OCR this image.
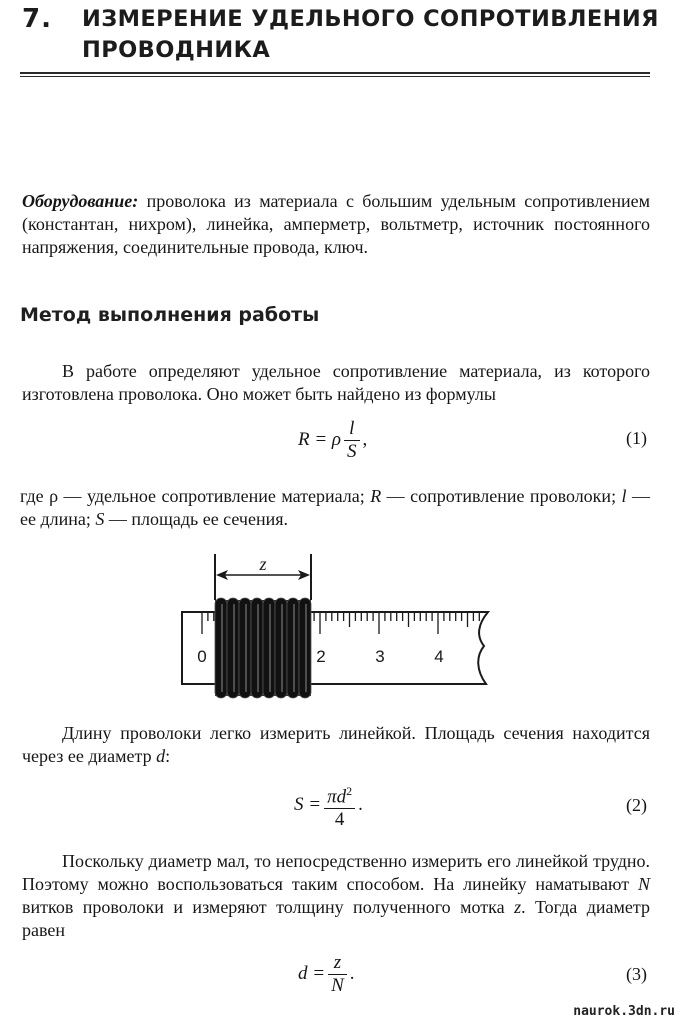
7. ИЗМЕРЕНИЕ УДЕЛЬНОГО СОПРОТИВЛЕНИЯ
ПРОВОДНИКА
Оборудование: проволока из материала с большим удельным сопротивлением (константан, нихром), линейка, амперметр, вольтметр, источник постоянного напряжения, соединительные провода, ключ.
Метод выполнения работы
В работе определяют удельное сопротивление материала, из которого изготовлена проволока. Оно может быть найдено из формулы
R = ρ $\frac{l}{S}$ ,	(1)
где ρ — удельное сопротивление материала; R — сопротивление проволоки; l — ее длина; S — площадь ее сечения.
z
0	2	3	4
Длину проволоки легко измерить линейкой. Площадь сечения находится через ее диаметр d:
$S = \frac{\pi d^2}{4}$ .	(2)
Поскольку диаметр мал, то непосредственно измерить его линейкой трудно. Поэтому можно воспользоваться таким способом. На линейку наматывают N витков проволоки и измеряют толщину полученного мотка z. Тогда диаметр равен
$d = \frac{z}{N}$ .	(3)
naurok.3dn.ru
